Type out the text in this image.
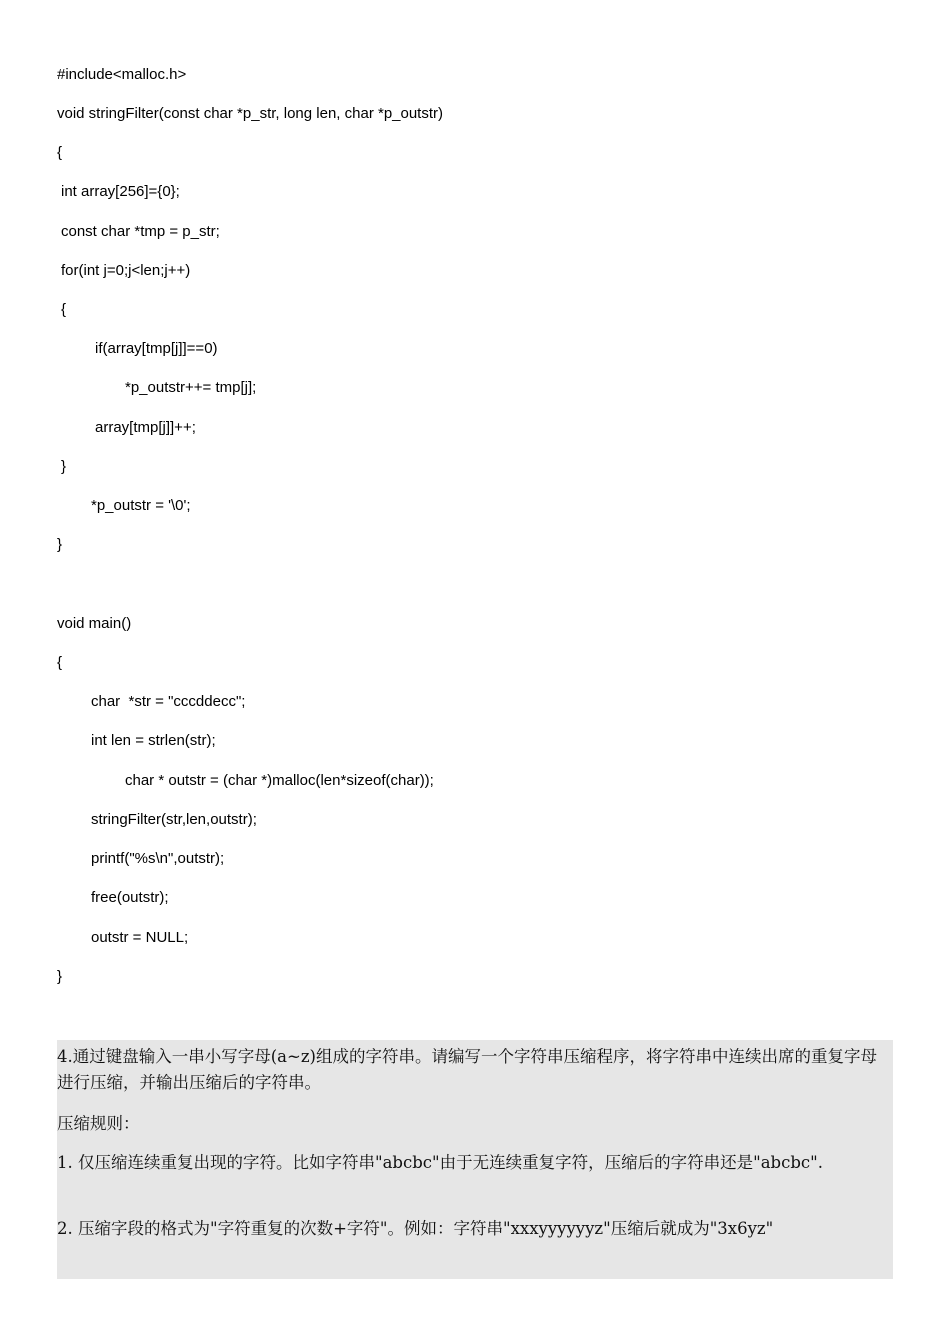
#include<malloc.h>

void stringFilter(const char *p_str, long len, char *p_outstr)

{

int array[256]={0};

const char *tmp = p_str;

for(int j=0;j<len;j++)

{

if(array[tmp[j]]==0)

*p_outstr++= tmp[j];

array[tmp[j]]++;

}

*p_outstr = '\0';

}

void main()

{

char  *str = "cccddecc";

int len = strlen(str);

char * outstr = (char *)malloc(len*sizeof(char));

stringFilter(str,len,outstr);

printf("%s\n",outstr);

free(outstr);

outstr = NULL;

}

4.通过键盘输入一串小写字母(a~z)组成的字符串。请编写一个字符串压缩程序，将字符串中连续出席的重复字母进行压缩，并输出压缩后的字符串。

压缩规则：

1. 仅压缩连续重复出现的字符。比如字符串"abcbc"由于无连续重复字符，压缩后的字符串还是"abcbc".

2. 压缩字段的格式为"字符重复的次数+字符"。例如：字符串"xxxyyyyyyz"压缩后就成为"3x6yz"
